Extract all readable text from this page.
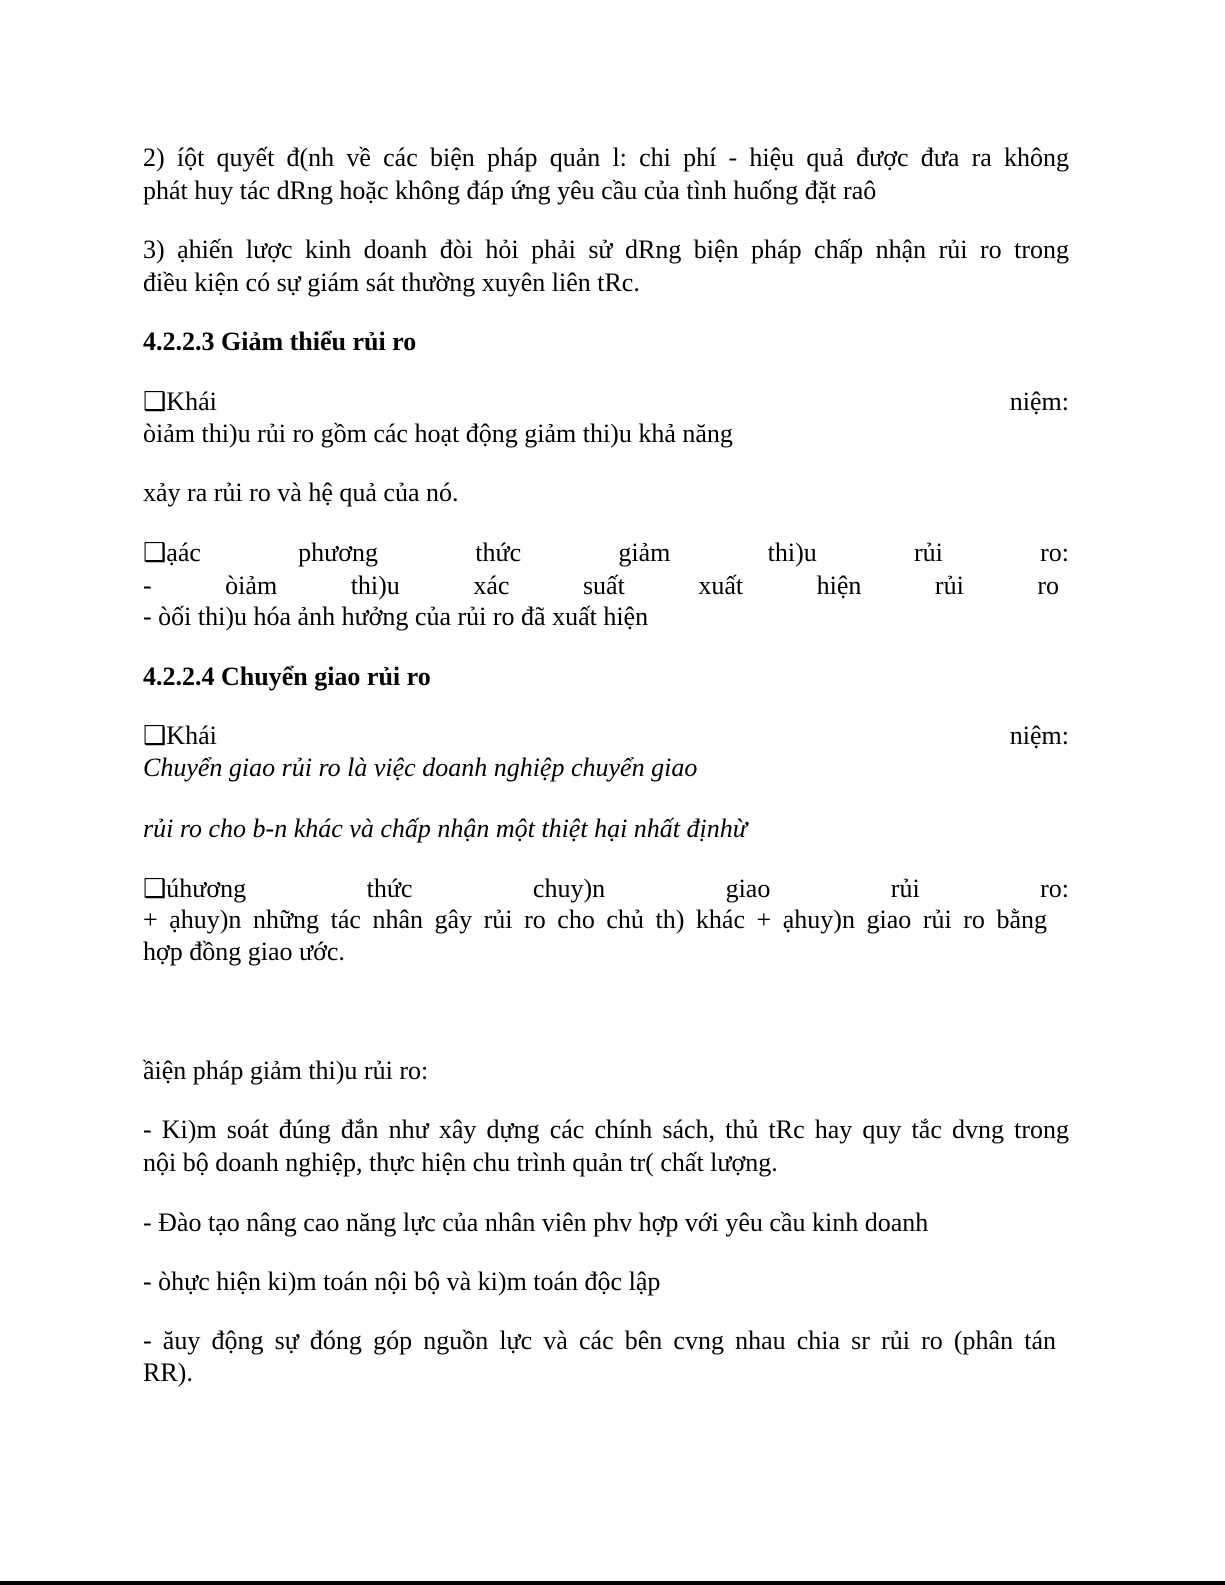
2) íột quyết đ(nh về các biện pháp quản l: chi phí - hiệu quả được đưa ra không
phát huy tác dRng hoặc không đáp ứng yêu cầu của tình huống đặt raô
3) ạhiến lược kinh doanh đòi hỏi phải sử dRng biện pháp chấp nhận rủi ro trong
điều kiện có sự giám sát thường xuyên liên tRc.
4.2.2.3 Giảm thiểu rủi ro
❑Khái niệm:
òiảm thi)u rủi ro gồm các hoạt động giảm thi)u khả năng
xảy ra rủi ro và hệ quả của nó.
❑ạác phương thức giảm thi)u rủi ro:
- òiảm thi)u xác suất xuất hiện rủi ro
- òối thi)u hóa ảnh hưởng của rủi ro đã xuất hiện
4.2.2.4 Chuyển giao rủi ro
❑Khái niệm:
Chuyển giao rủi ro là việc doanh nghiệp chuyển giao
rủi ro cho b-n khác và chấp nhận một thiệt hại nhất địnhừ
❑úhương thức chuy)n giao rủi ro:
+ ạhuy)n những tác nhân gây rủi ro cho chủ th) khác + ạhuy)n giao rủi ro bằng
hợp đồng giao ước.
ầiện pháp giảm thi)u rủi ro:
- Ki)m soát đúng đắn như xây dựng các chính sách, thủ tRc hay quy tắc dvng trong
nội bộ doanh nghiệp, thực hiện chu trình quản tr( chất lượng.
- Đào tạo nâng cao năng lực của nhân viên phv hợp với yêu cầu kinh doanh
- òhực hiện ki)m toán nội bộ và ki)m toán độc lập
- ăuy động sự đóng góp nguồn lực và các bên cvng nhau chia sr rủi ro (phân tán
RR).
